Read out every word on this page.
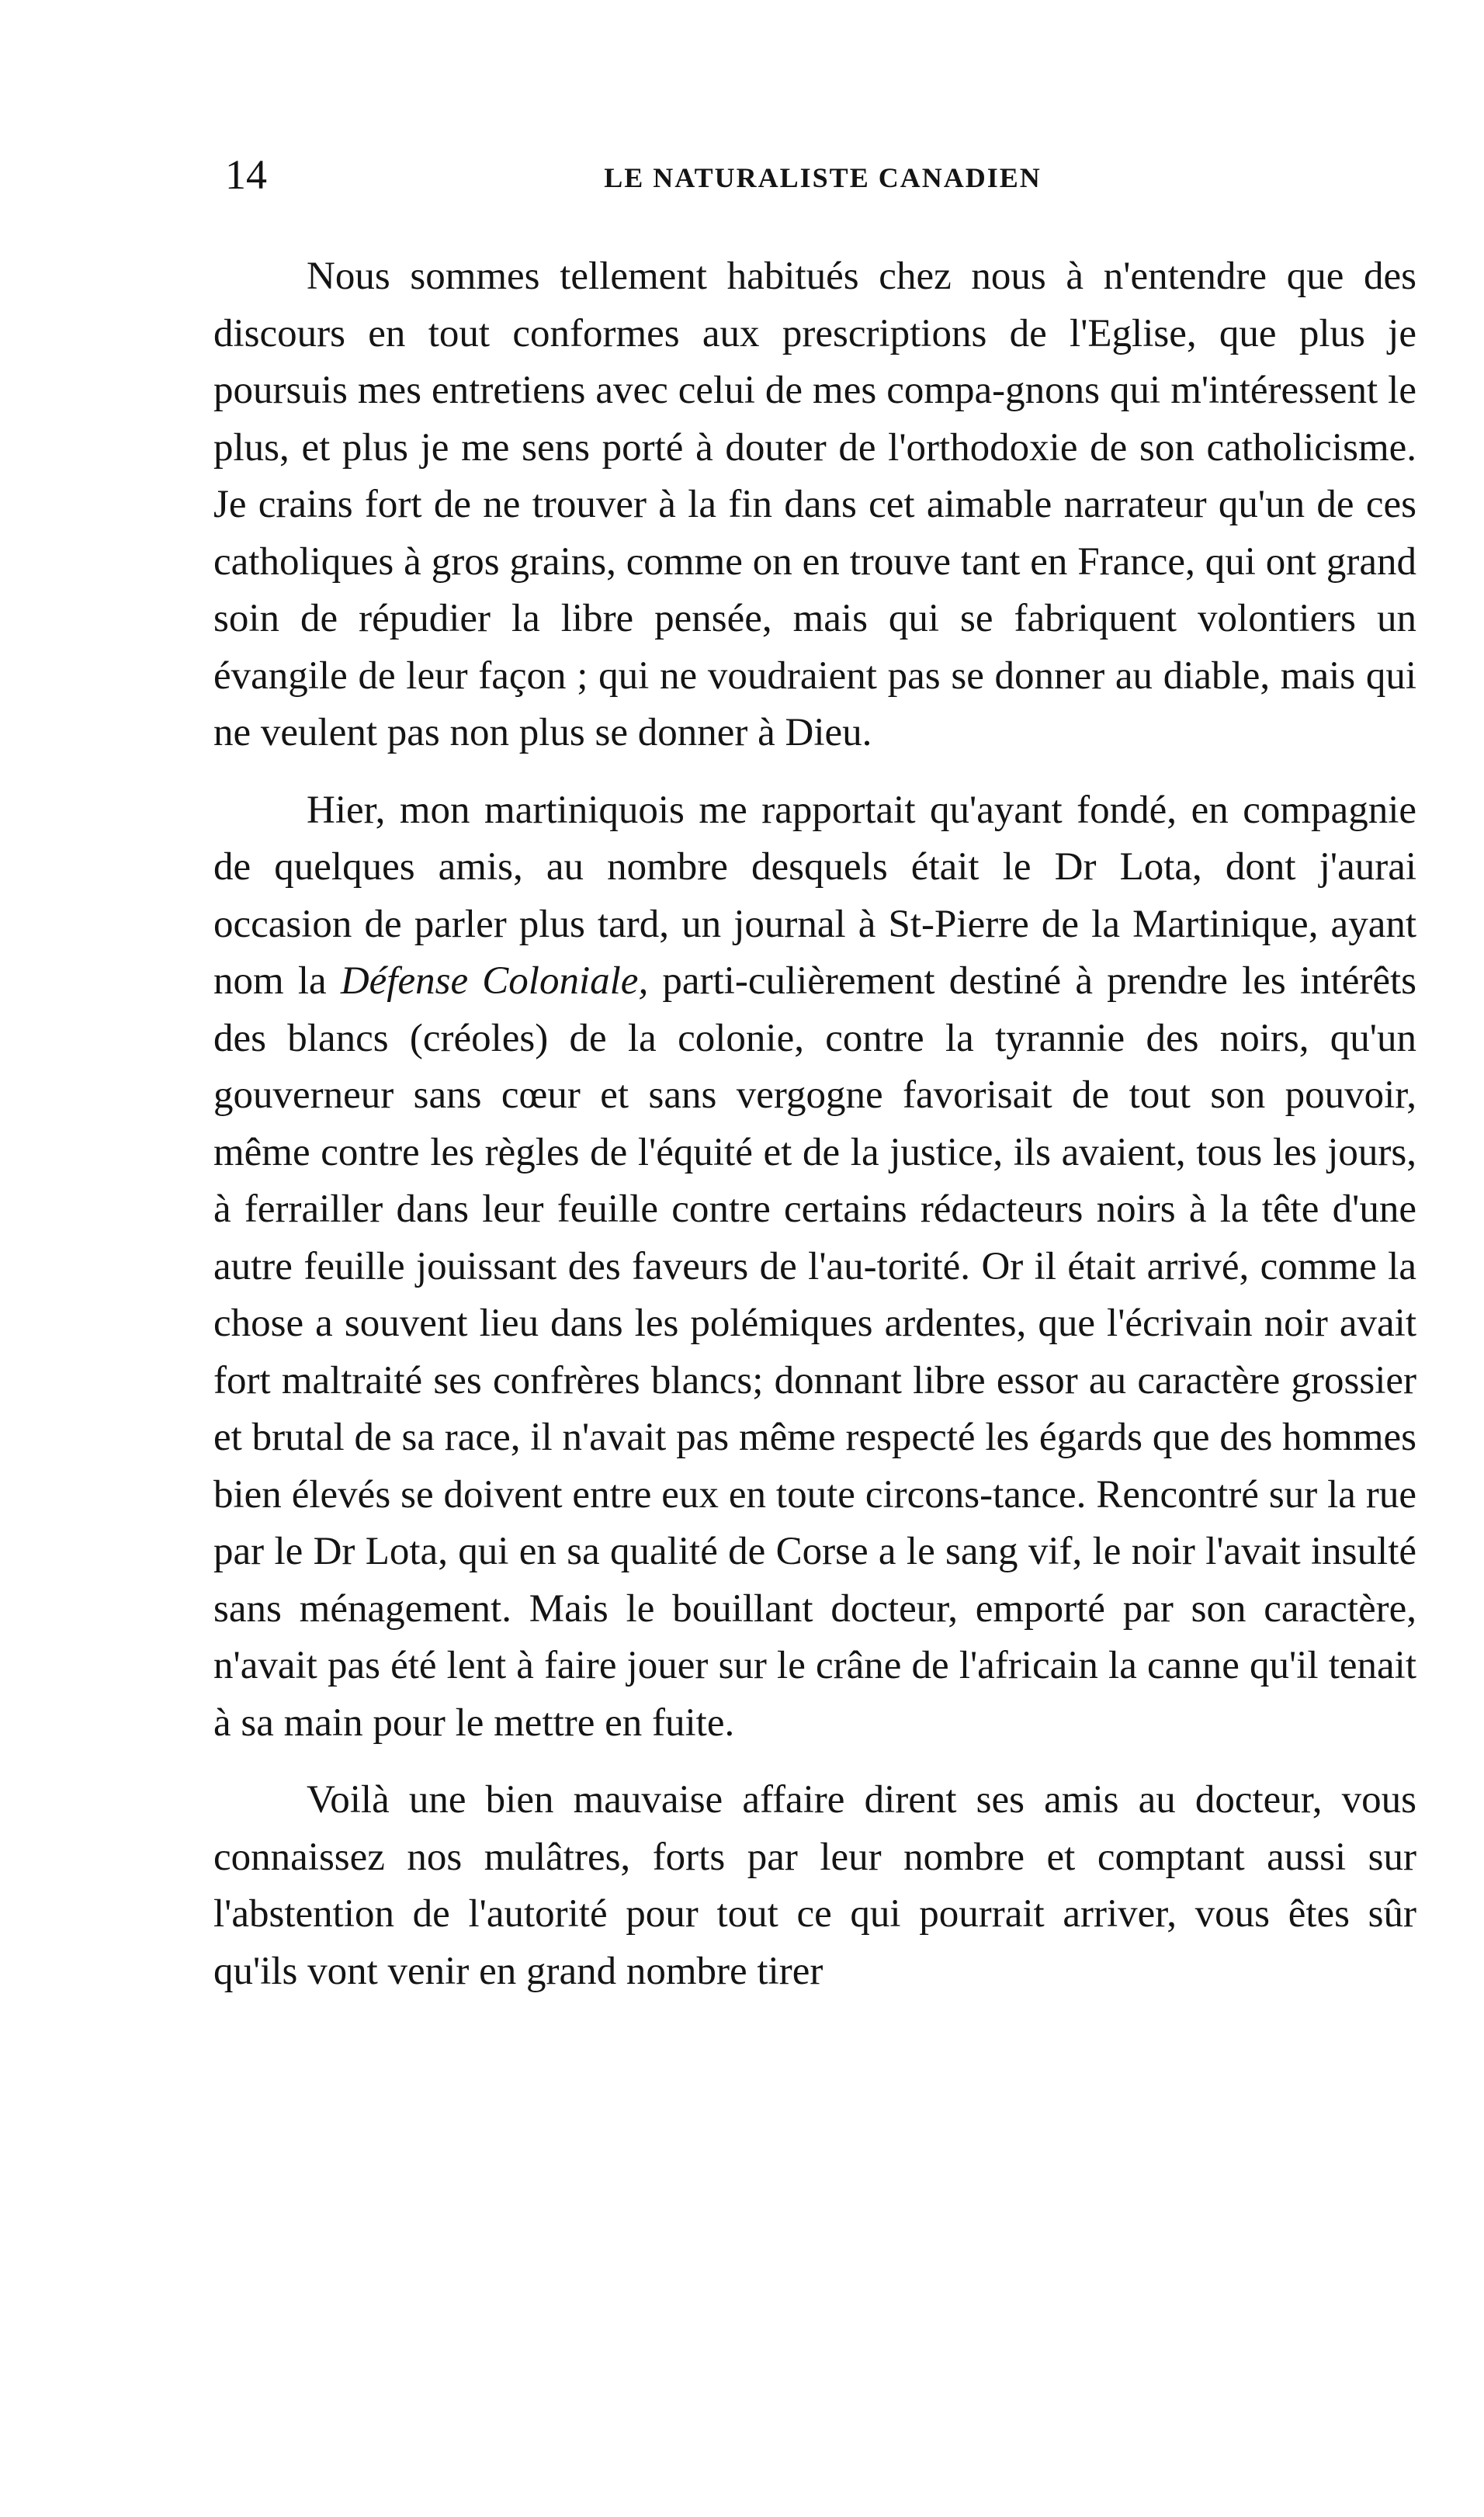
14	LE NATURALISTE CANADIEN

Nous sommes tellement habitués chez nous à n'entendre que des discours en tout conformes aux prescriptions de l'Eglise, que plus je poursuis mes entretiens avec celui de mes compa-gnons qui m'intéressent le plus, et plus je me sens porté à douter de l'orthodoxie de son catholicisme. Je crains fort de ne trouver à la fin dans cet aimable narrateur qu'un de ces catholiques à gros grains, comme on en trouve tant en France, qui ont grand soin de répudier la libre pensée, mais qui se fabriquent volontiers un évangile de leur façon ; qui ne voudraient pas se donner au diable, mais qui ne veulent pas non plus se donner à Dieu.

Hier, mon martiniquois me rapportait qu'ayant fondé, en compagnie de quelques amis, au nombre desquels était le Dr Lota, dont j'aurai occasion de parler plus tard, un journal à St-Pierre de la Martinique, ayant nom la Défense Coloniale, parti-culièrement destiné à prendre les intérêts des blancs (créoles) de la colonie, contre la tyrannie des noirs, qu'un gouverneur sans cœur et sans vergogne favorisait de tout son pouvoir, même contre les règles de l'équité et de la justice, ils avaient, tous les jours, à ferrailler dans leur feuille contre certains rédacteurs noirs à la tête d'une autre feuille jouissant des faveurs de l'au-torité. Or il était arrivé, comme la chose a souvent lieu dans les polémiques ardentes, que l'écrivain noir avait fort maltraité ses confrères blancs; donnant libre essor au caractère grossier et brutal de sa race, il n'avait pas même respecté les égards que des hommes bien élevés se doivent entre eux en toute circons-tance. Rencontré sur la rue par le Dr Lota, qui en sa qualité de Corse a le sang vif, le noir l'avait insulté sans ménagement. Mais le bouillant docteur, emporté par son caractère, n'avait pas été lent à faire jouer sur le crâne de l'africain la canne qu'il tenait à sa main pour le mettre en fuite.

Voilà une bien mauvaise affaire dirent ses amis au docteur, vous connaissez nos mulâtres, forts par leur nombre et comptant aussi sur l'abstention de l'autorité pour tout ce qui pourrait arriver, vous êtes sûr qu'ils vont venir en grand nombre tirer
